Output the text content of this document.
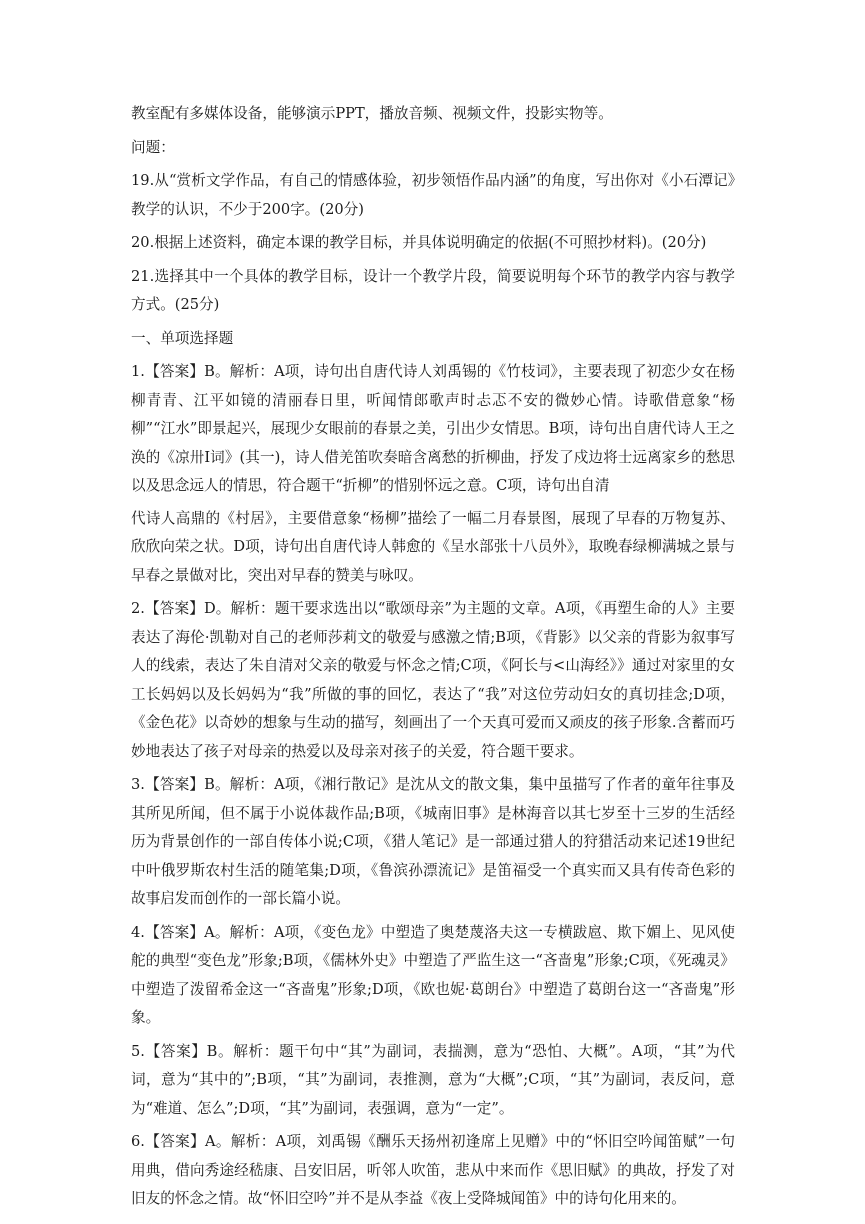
教室配有多媒体设备，能够演示PPT，播放音频、视频文件，投影实物等。

问题：

19.从“赏析文学作品，有自己的情感体验，初步领悟作品内涵”的角度，写出你对《小石潭记》教学的认识，不少于200字。(20分)

20.根据上述资料，确定本课的教学目标，并具体说明确定的依据(不可照抄材料)。(20分)

21.选择其中一个具体的教学目标，设计一个教学片段，简要说明每个环节的教学内容与教学方式。(25分)

一、单项选择题

1.【答案】B。解析：A项，诗句出自唐代诗人刘禹锡的《竹枝词》，主要表现了初恋少女在杨柳青青、江平如镜的清丽春日里，听闻情郎歌声时忐忑不安的微妙心情。诗歌借意象“杨柳”“江水”即景起兴，展现少女眼前的春景之美，引出少女情思。B项，诗句出自唐代诗人王之涣的《凉卅Ⅰ词》(其一)，诗人借羌笛吹奏暗含离愁的折柳曲，抒发了戍边将士远离家乡的愁思以及思念远人的情思，符合题干“折柳”的惜别怀远之意。C项，诗句出自清

代诗人高鼎的《村居》，主要借意象“杨柳”描绘了一幅二月春景图，展现了早春的万物复苏、欣欣向荣之状。D项，诗句出自唐代诗人韩愈的《呈水部张十八员外》，取晚春绿柳满城之景与早春之景做对比，突出对早春的赞美与咏叹。

2.【答案】D。解析：题干要求选出以“歌颂母亲”为主题的文章。A项，《再塑生命的人》主要表达了海伦·凯勒对自己的老师莎莉文的敬爱与感激之情;B项，《背影》以父亲的背影为叙事写人的线索，表达了朱自清对父亲的敬爱与怀念之情;C项，《阿长与<山海经》》通过对家里的女工长妈妈以及长妈妈为“我”所做的事的回忆，表达了“我”对这位劳动妇女的真切挂念;D项，《金色花》以奇妙的想象与生动的描写，刻画出了一个天真可爱而又顽皮的孩子形象.含蓄而巧妙地表达了孩子对母亲的热爱以及母亲对孩子的关爱，符合题干要求。

3.【答案】B。解析：A项，《湘行散记》是沈从文的散文集，集中虽描写了作者的童年往事及其所见所闻，但不属于小说体裁作品;B项，《城南旧事》是林海音以其七岁至十三岁的生活经历为背景创作的一部自传体小说;C项，《猎人笔记》是一部通过猎人的狩猎活动来记述19世纪中叶俄罗斯农村生活的随笔集;D项，《鲁滨孙漂流记》是笛福受一个真实而又具有传奇色彩的故事启发而创作的一部长篇小说。

4.【答案】A。解析：A项，《变色龙》中塑造了奥楚蔑洛夫这一专横跋扈、欺下媚上、见风使舵的典型“变色龙”形象;B项，《儒林外史》中塑造了严监生这一“吝啬鬼”形象;C项，《死魂灵》中塑造了泼留希金这一“吝啬鬼”形象;D项，《欧也妮·葛朗台》中塑造了葛朗台这一“吝啬鬼”形象。

5.【答案】B。解析：题干句中“其”为副词，表揣测，意为“恐怕、大概”。A项，“其”为代词，意为“其中的”;B项，“其”为副词，表推测，意为“大概”;C项，“其”为副词，表反问，意为“难道、怎么”;D项，“其”为副词，表强调，意为“一定”。

6.【答案】A。解析：A项，刘禹锡《酬乐天扬州初逢席上见赠》中的“怀旧空吟闻笛赋”一句用典，借向秀途经嵇康、吕安旧居，听邻人吹笛，悲从中来而作《思旧赋》的典故，抒发了对旧友的怀念之情。故“怀旧空吟”并不是从李益《夜上受降城闻笛》中的诗句化用来的。
